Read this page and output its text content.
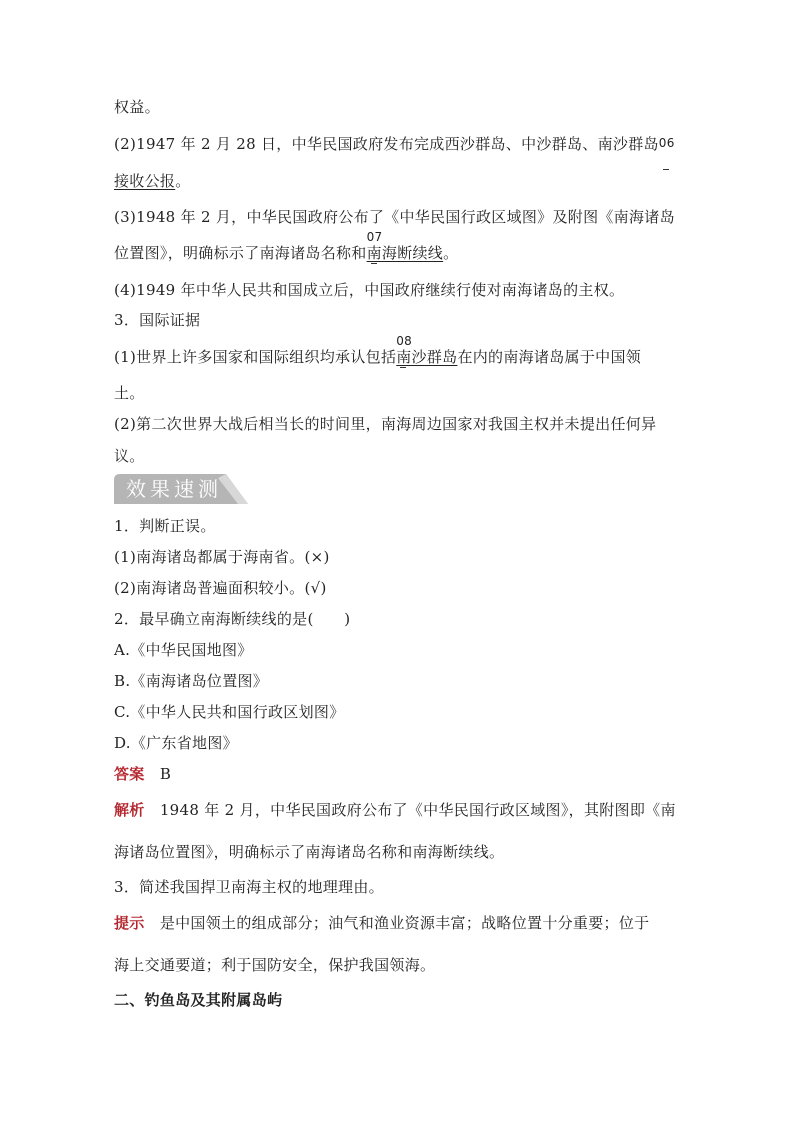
权益。
(2)1947 年 2 月 28 日，中华民国政府发布完成西沙群岛、中沙群岛、南沙群岛 06
接收公报。
(3)1948 年 2 月，中华民国政府公布了《中华民国行政区域图》及附图《南海诸岛
位置图》，明确标示了南海诸岛名称和
07
南海断续线
。
(4)1949 年中华人民共和国成立后，中国政府继续行使对南海诸岛的主权。
3．国际证据
(1)世界上许多国家和国际组织均承认包括
08
南沙群岛
在内的南海诸岛属于中国领
土。
(2)第二次世界大战后相当长的时间里，南海周边国家对我国主权并未提出任何异
议。
效果速测
1．判断正误。
(1)南海诸岛都属于海南省。(×)
(2)南海诸岛普遍面积较小。(√)
2．最早确立南海断续线的是(　　)
A.《中华民国地图》
B.《南海诸岛位置图》
C.《中华人民共和国行政区划图》
D.《广东省地图》
答案 B
解析 1948 年 2 月，中华民国政府公布了《中华民国行政区域图》，其附图即《南
海诸岛位置图》，明确标示了南海诸岛名称和南海断续线。
3．简述我国捍卫南海主权的地理理由。
提示 是中国领土的组成部分；油气和渔业资源丰富；战略位置十分重要；位于
海上交通要道；利于国防安全，保护我国领海。
二、钓鱼岛及其附属岛屿
